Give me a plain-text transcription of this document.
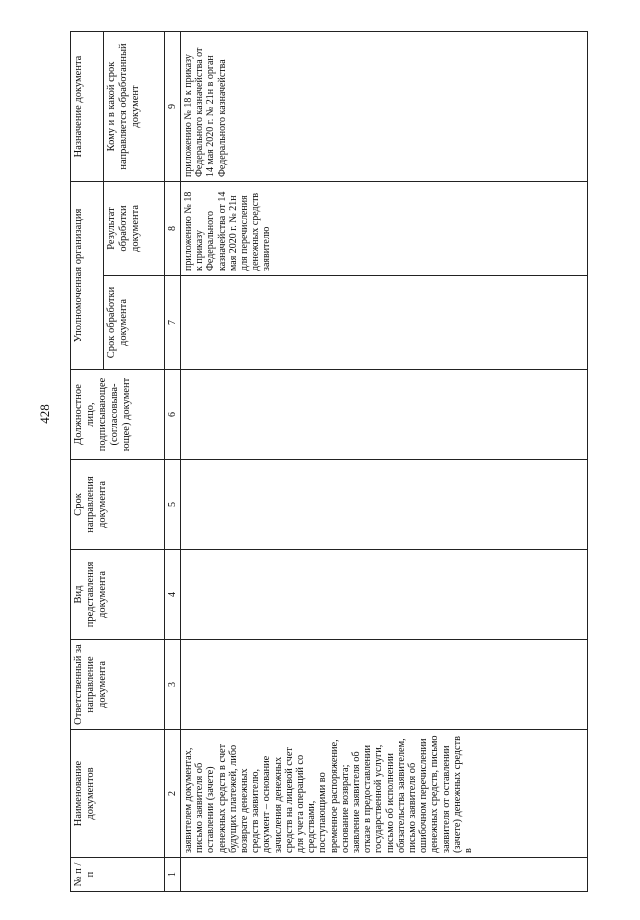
428
№ п / п	Наименование документов	Ответственный за направление документа	Вид представления документа	Срок направления документа	Должностное лицо, подписывающее (согласовыва-ющее) документ	Уполномоченная организация		Назначение документа
						Срок обработки документа	Результат обработки документа	Кому и в какой срок направляется обработанный документ
1	2	3	4	5	6	7	8	9
	заявителем документах, письмо заявителя об оставлении (зачете) денежных средств в счет будущих платежей, либо возврате денежных средств заявителю, документ – основание зачисления денежных средств на лицевой счет для учета операций со средствами, поступающими во временное распоряжение, основание возврата; заявление заявителя об отказе в предоставлении государственной услуги, письмо об исполнении обязательства заявителем, письмо заявителя об ошибочном перечислении денежных средств, письмо заявителя от оставлении (зачете) денежных средств в						приложению № 18 к приказу Федерального казначейства от 14 мая 2020 г. № 21н для перечисления денежных средств заявителю	приложению № 18 к приказу Федерального казначейства от 14 мая 2020 г. № 21н в орган Федерального казначейства
